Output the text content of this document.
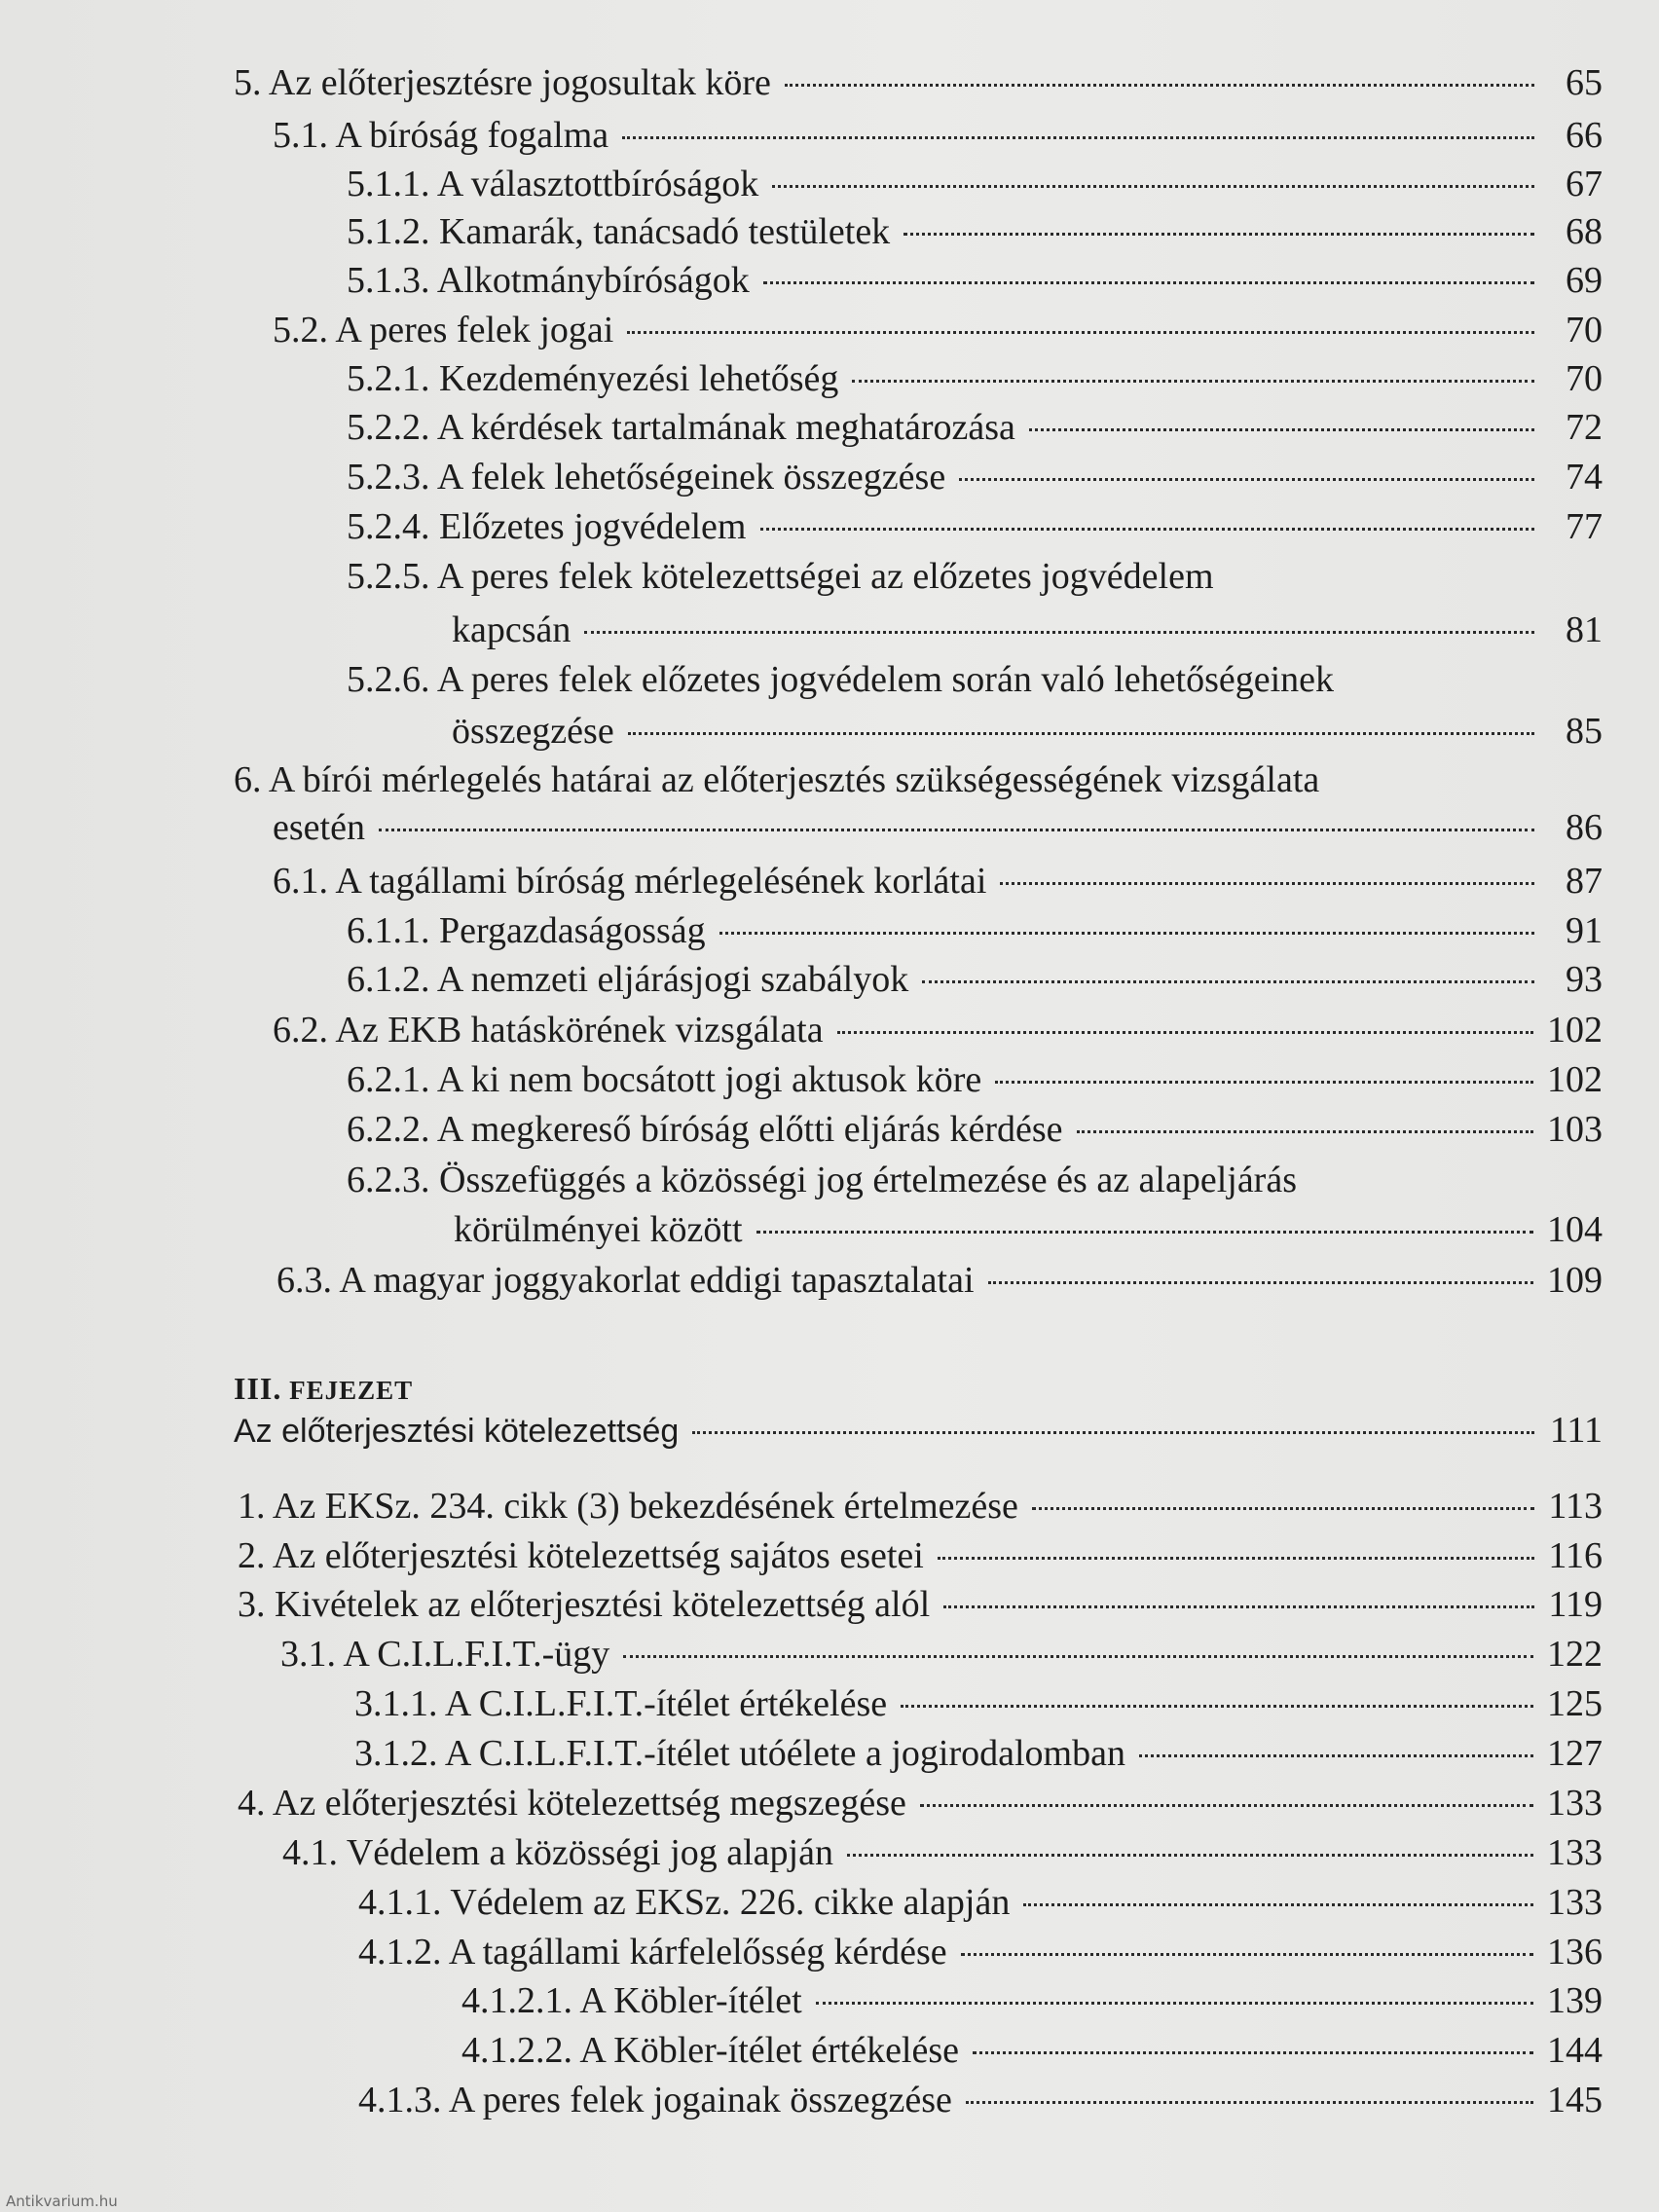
5. Az előterjesztésre jogosultak köre	65
5.1. A bíróság fogalma	66
5.1.1. A választottbíróságok	67
5.1.2. Kamarák, tanácsadó testületek	68
5.1.3. Alkotmánybíróságok	69
5.2. A peres felek jogai	70
5.2.1. Kezdeményezési lehetőség	70
5.2.2. A kérdések tartalmának meghatározása	72
5.2.3. A felek lehetőségeinek összegzése	74
5.2.4. Előzetes jogvédelem	77
5.2.5. A peres felek kötelezettségei az előzetes jogvédelem
kapcsán	81
5.2.6. A peres felek előzetes jogvédelem során való lehetőségeinek
összegzése	85
6. A bírói mérlegelés határai az előterjesztés szükségességének vizsgálata
esetén	86
6.1. A tagállami bíróság mérlegelésének korlátai	87
6.1.1. Pergazdaságosság	91
6.1.2. A nemzeti eljárásjogi szabályok	93
6.2. Az EKB hatáskörének vizsgálata	102
6.2.1. A ki nem bocsátott jogi aktusok köre	102
6.2.2. A megkereső bíróság előtti eljárás kérdése	103
6.2.3. Összefüggés a közösségi jog értelmezése és az alapeljárás
körülményei között	104
6.3. A magyar joggyakorlat eddigi tapasztalatai	109
III. FEJEZET
Az előterjesztési kötelezettség	111
1. Az EKSz. 234. cikk (3) bekezdésének értelmezése	113
2. Az előterjesztési kötelezettség sajátos esetei	116
3. Kivételek az előterjesztési kötelezettség alól	119
3.1. A C.I.L.F.I.T.-ügy	122
3.1.1. A C.I.L.F.I.T.-ítélet értékelése	125
3.1.2. A C.I.L.F.I.T.-ítélet utóélete a jogirodalomban	127
4. Az előterjesztési kötelezettség megszegése	133
4.1. Védelem a közösségi jog alapján	133
4.1.1. Védelem az EKSz. 226. cikke alapján	133
4.1.2. A tagállami kárfelelősség kérdése	136
4.1.2.1. A Köbler-ítélet	139
4.1.2.2. A Köbler-ítélet értékelése	144
4.1.3. A peres felek jogainak összegzése	145
Antikvarium.hu
